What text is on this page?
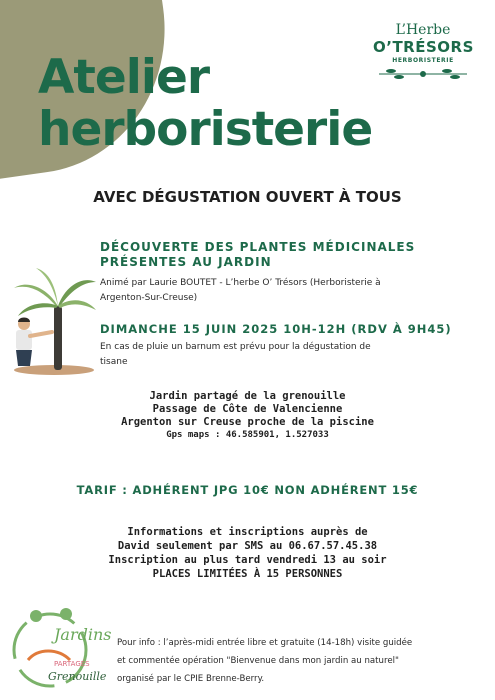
L’Herbe
O’TRÉSORS
HERBORISTERIE
Atelier
herboristerie
AVEC DÉGUSTATION OUVERT À TOUS
DÉCOUVERTE DES PLANTES MÉDICINALES
PRÉSENTES AU JARDIN
Animé par Laurie BOUTET - L’herbe O’ Trésors (Herboristerie à
Argenton-Sur-Creuse)
DIMANCHE 15 JUIN 2025 10H-12H (RDV À 9H45)
En cas de pluie un barnum est prévu pour la dégustation de
tisane
Jardin partagé de la grenouille
Passage de Côte de Valencienne
Argenton sur Creuse proche de la piscine
Gps maps : 46.585901, 1.527033
TARIF : ADHÉRENT JPG 10€ NON ADHÉRENT 15€
Informations et inscriptions auprès de
David seulement par SMS au 06.67.57.45.38
Inscription au plus tard vendredi 13 au soir
PLACES LIMITÉES À 15 PERSONNES
Jardins
PARTAGÉS
Grenouille
Pour info : l’après-midi entrée libre et gratuite (14-18h) visite guidée
et commentée opération "Bienvenue dans mon jardin au naturel"
organisé par le CPIE Brenne-Berry.
